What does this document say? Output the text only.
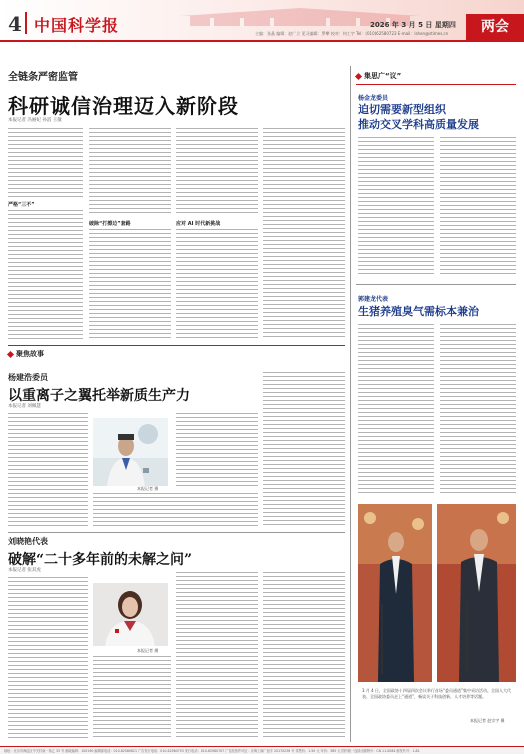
4 中国科学报	2026 年 3 月 5 日 星期四
主编：张晶 编辑：赵广立 见习编辑：罗攀 校对：何工宇 Tel：(010)62580723 E-mail：lshen@stimes.cn	两会
全链条严密监管
科研诚信治理迈入新阶段
本报记者 冯丽妃 孙滔 王敏
严格“三不”
破除“打擦边”套路	应对 AI 时代新挑战
聚焦故事
杨建浩委员
以重离子之翼托举新质生产力
本报记者 刘佩慧
本报记者 摄
刘晓艳代表
破解“二十多年前的未解之问”
本报记者 张双虎
本报记者 摄
集思广“议”
杨金龙委员
迫切需要新型组织
推动交叉学科高质量发展
郭建龙代表
生猪养殖臭气需标本兼治
3 月 4 日，全国政协十四届四次会议举行首场“委员通道”集中采访活动。全国人大代表、全国政协委员走上“通道”，畅谈关于科技创新、人才培养等话题。
本报记者 赵宗宇 摄
地址：北京市海淀区中关村南一条乙 33 号 邮政编码：100190 编辑部电话：010-62580621 广告发行电话：010-62580753 发行电话：010-62580707 广告经营许可证：京海工商广登字 20170236 号 零售价：1.50 元 年价：365 元 国内统一连续出版物号：CN 11-0084 邮发代号：1-82
